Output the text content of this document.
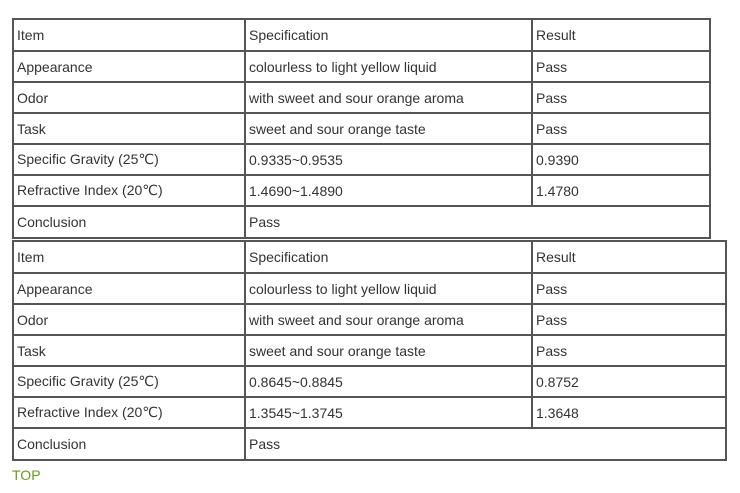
Item	Specification	Result
Appearance	colourless to light yellow liquid	Pass
Odor	with sweet and sour orange aroma	Pass
Task	sweet and sour orange taste	Pass
Specific Gravity (25℃)	0.9335~0.9535	0.9390
Refractive Index (20℃)	1.4690~1.4890	1.4780
Conclusion	Pass	
Item	Specification	Result
Appearance	colourless to light yellow liquid	Pass
Odor	with sweet and sour orange aroma	Pass
Task	sweet and sour orange taste	Pass
Specific Gravity (25℃)	0.8645~0.8845	0.8752
Refractive Index (20℃)	1.3545~1.3745	1.3648
Conclusion	Pass	
TOP
